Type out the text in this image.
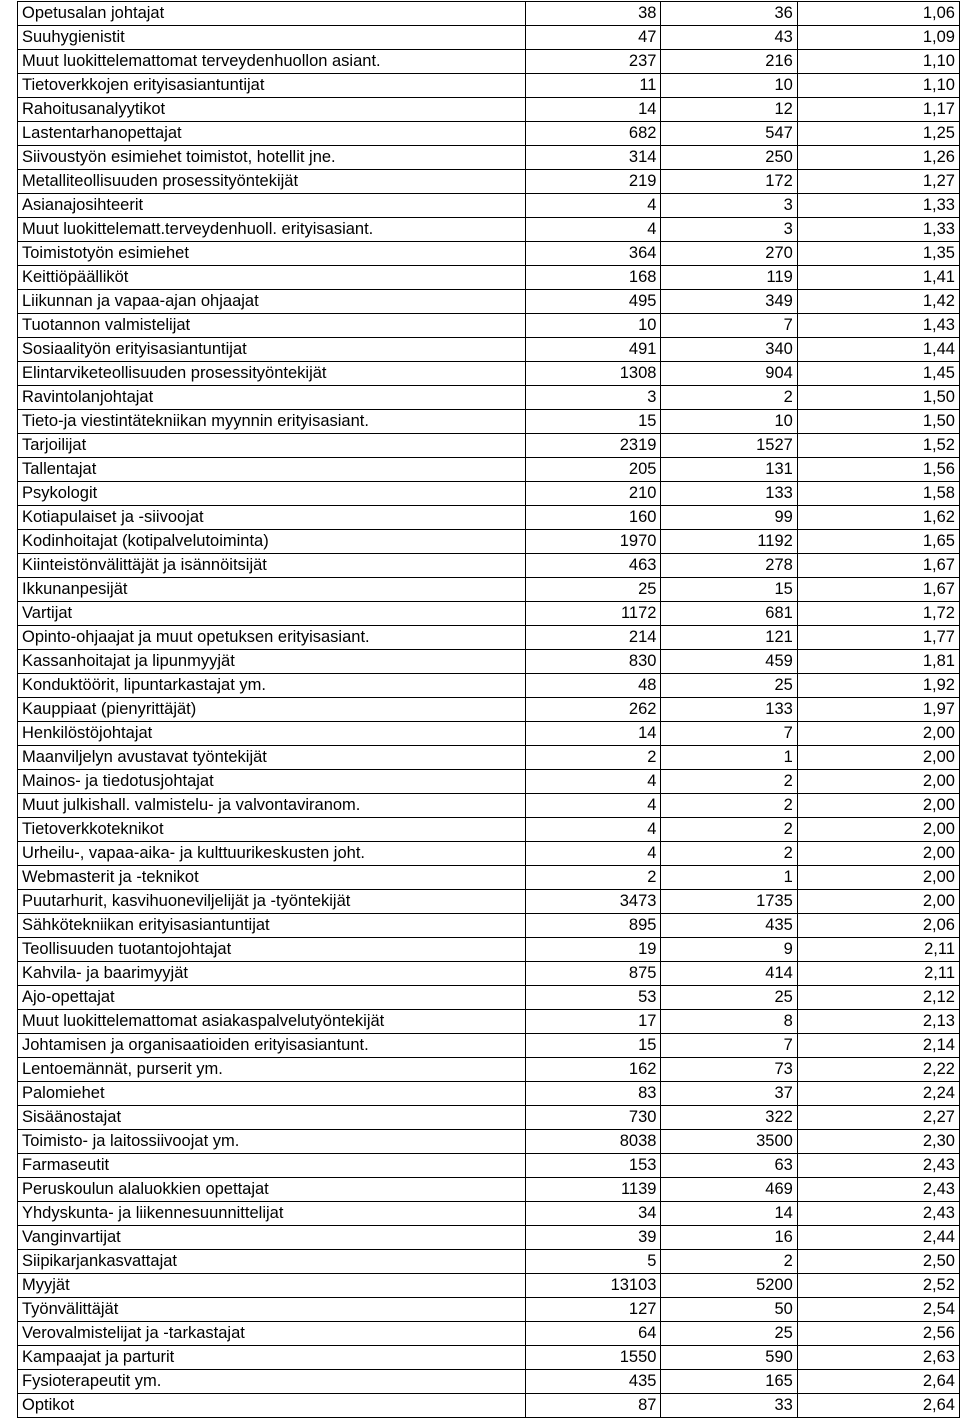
Opetusalan johtajat	38	36	1,06
Suuhygienistit	47	43	1,09
Muut luokittelemattomat terveydenhuollon asiant.	237	216	1,10
Tietoverkkojen erityisasiantuntijat	11	10	1,10
Rahoitusanalyytikot	14	12	1,17
Lastentarhanopettajat	682	547	1,25
Siivoustyön esimiehet toimistot, hotellit jne.	314	250	1,26
Metalliteollisuuden prosessityöntekijät	219	172	1,27
Asianajosihteerit	4	3	1,33
Muut luokittelematt.terveydenhuoll. erityisasiant.	4	3	1,33
Toimistotyön esimiehet	364	270	1,35
Keittiöpäälliköt	168	119	1,41
Liikunnan ja vapaa-ajan ohjaajat	495	349	1,42
Tuotannon valmistelijat	10	7	1,43
Sosiaalityön erityisasiantuntijat	491	340	1,44
Elintarviketeollisuuden prosessityöntekijät	1308	904	1,45
Ravintolanjohtajat	3	2	1,50
Tieto-ja viestintätekniikan myynnin erityisasiant.	15	10	1,50
Tarjoilijat	2319	1527	1,52
Tallentajat	205	131	1,56
Psykologit	210	133	1,58
Kotiapulaiset ja -siivoojat	160	99	1,62
Kodinhoitajat (kotipalvelutoiminta)	1970	1192	1,65
Kiinteistönvälittäjät ja isännöitsijät	463	278	1,67
Ikkunanpesijät	25	15	1,67
Vartijat	1172	681	1,72
Opinto-ohjaajat ja muut opetuksen erityisasiant.	214	121	1,77
Kassanhoitajat ja lipunmyyjät	830	459	1,81
Konduktöörit, lipuntarkastajat ym.	48	25	1,92
Kauppiaat (pienyrittäjät)	262	133	1,97
Henkilöstöjohtajat	14	7	2,00
Maanviljelyn avustavat työntekijät	2	1	2,00
Mainos- ja tiedotusjohtajat	4	2	2,00
Muut julkishall. valmistelu- ja valvontaviranom.	4	2	2,00
Tietoverkkoteknikot	4	2	2,00
Urheilu-, vapaa-aika- ja kulttuurikeskusten joht.	4	2	2,00
Webmasterit ja -teknikot	2	1	2,00
Puutarhurit, kasvihuoneviljelijät ja -työntekijät	3473	1735	2,00
Sähkötekniikan erityisasiantuntijat	895	435	2,06
Teollisuuden tuotantojohtajat	19	9	2,11
Kahvila- ja baarimyyjät	875	414	2,11
Ajo-opettajat	53	25	2,12
Muut luokittelemattomat asiakaspalvelutyöntekijät	17	8	2,13
Johtamisen ja organisaatioiden erityisasiantunt.	15	7	2,14
Lentoemännät, purserit ym.	162	73	2,22
Palomiehet	83	37	2,24
Sisäänostajat	730	322	2,27
Toimisto- ja laitossiivoojat ym.	8038	3500	2,30
Farmaseutit	153	63	2,43
Peruskoulun alaluokkien opettajat	1139	469	2,43
Yhdyskunta- ja liikennesuunnittelijat	34	14	2,43
Vanginvartijat	39	16	2,44
Siipikarjankasvattajat	5	2	2,50
Myyjät	13103	5200	2,52
Työnvälittäjät	127	50	2,54
Verovalmistelijat ja -tarkastajat	64	25	2,56
Kampaajat ja parturit	1550	590	2,63
Fysioterapeutit ym.	435	165	2,64
Optikot	87	33	2,64
